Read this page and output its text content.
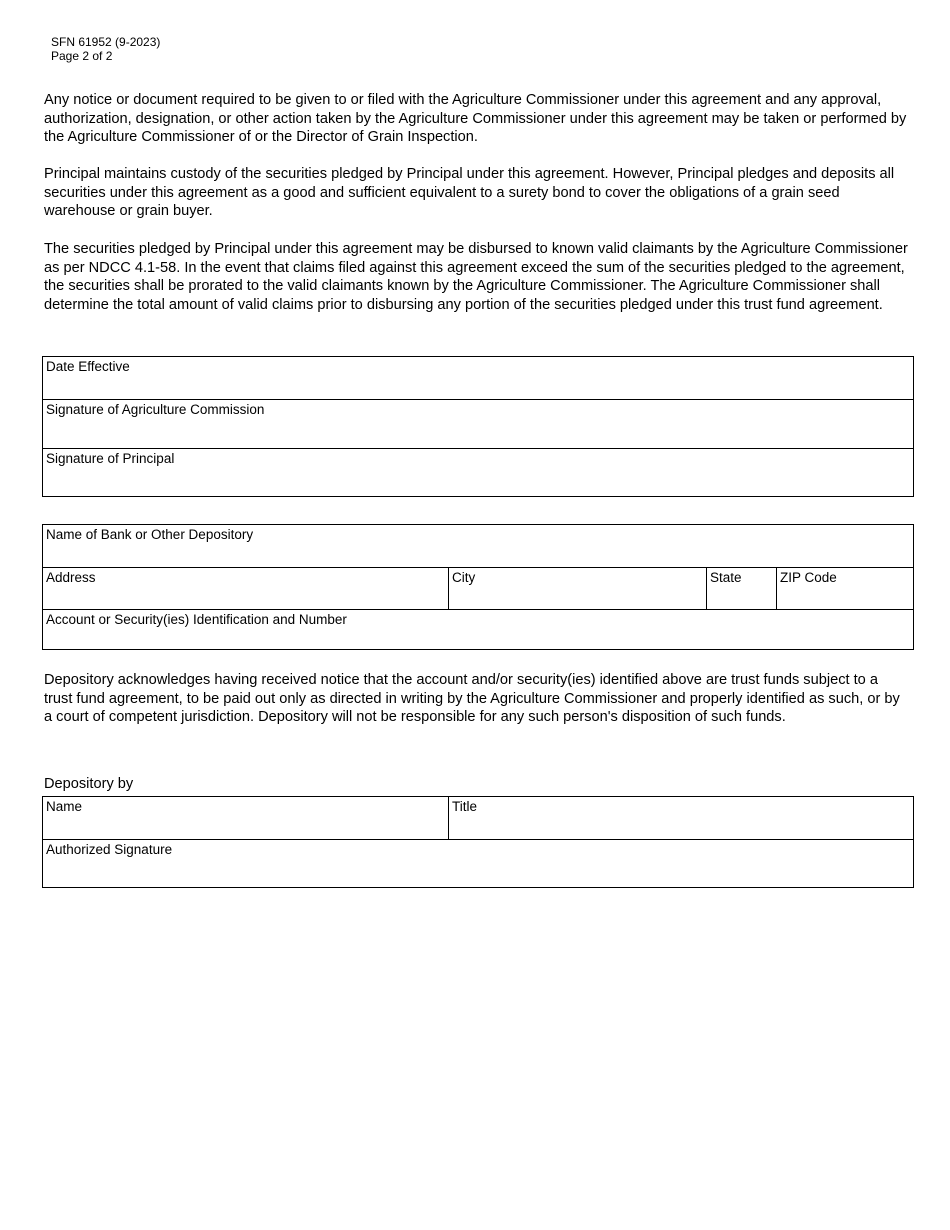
SFN 61952 (9-2023)
Page 2 of 2

Any notice or document required to be given to or filed with the Agriculture Commissioner under this agreement and any approval, authorization, designation, or other action taken by the Agriculture Commissioner under this agreement may be taken or performed by the Agriculture Commissioner of or the Director of Grain Inspection.

Principal maintains custody of the securities pledged by Principal under this agreement. However, Principal pledges and deposits all securities under this agreement as a good and sufficient equivalent to a surety bond to cover the obligations of a grain seed warehouse or grain buyer.

The securities pledged by Principal under this agreement may be disbursed to known valid claimants by the Agriculture Commissioner as per NDCC 4.1-58. In the event that claims filed against this agreement exceed the sum of the securities pledged to the agreement, the securities shall be prorated to the valid claimants known by the Agriculture Commissioner. The Agriculture Commissioner shall determine the total amount of valid claims prior to disbursing any portion of the securities pledged under this trust fund agreement.

Date Effective
Signature of Agriculture Commission
Signature of Principal
Name of Bank or Other Depository
Address	City	State	ZIP Code
Account or Security(ies) Identification and Number

Depository acknowledges having received notice that the account and/or security(ies) identified above are trust funds subject to a trust fund agreement, to be paid out only as directed in writing by the Agriculture Commissioner and properly identified as such, or by a court of competent jurisdiction. Depository will not be responsible for any such person's disposition of such funds.

Depository by
Name	Title
Authorized Signature
